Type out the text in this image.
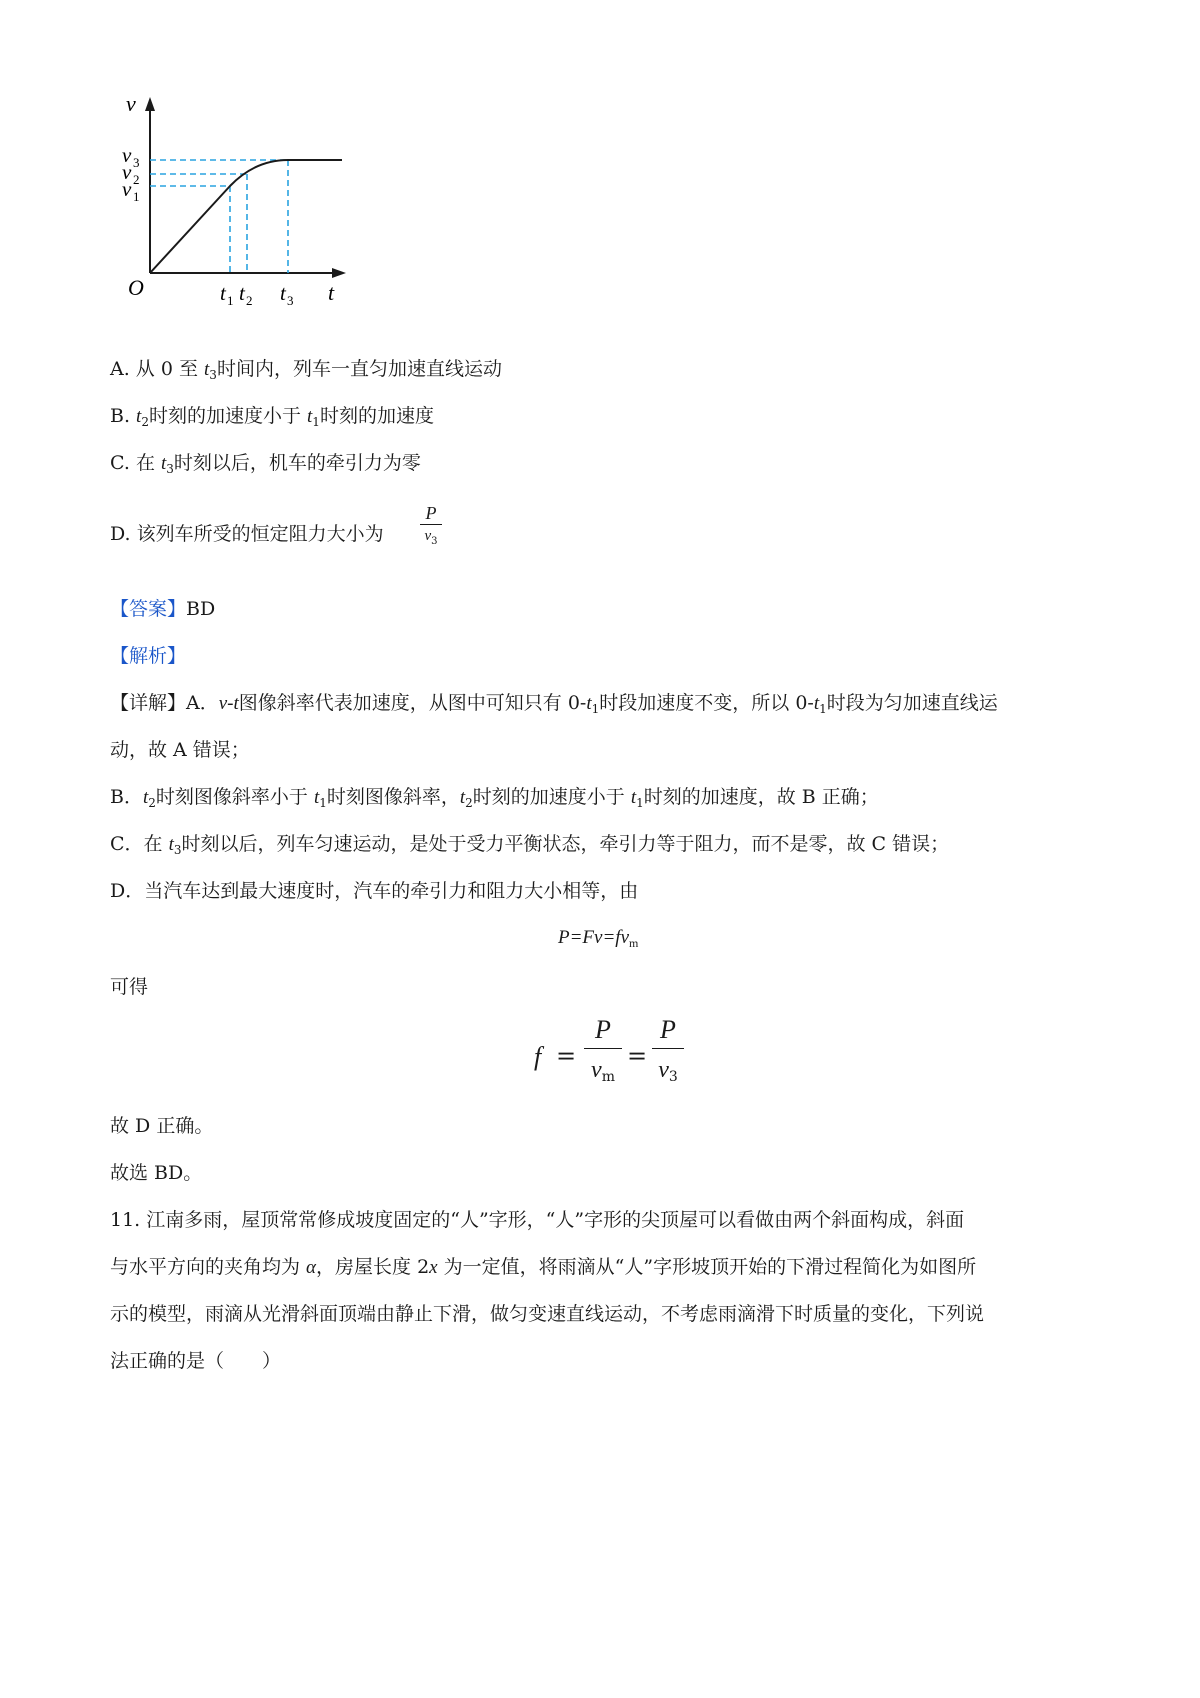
v
t
O
v 3
v 2
v 1
t 1 t 2 t 3
A. 从 0 至 $t_3$时间内，列车一直匀加速直线运动
B. $t_2$时刻的加速度小于 $t_1$时刻的加速度
C. 在 $t_3$时刻以后，机车的牵引力为零
D. 该列车所受的恒定阻力大小为
P
$v_3$
【答案】BD
【解析】
【详解】A．v-t图像斜率代表加速度，从图中可知只有 $0-t_1$时段加速度不变，所以 $0-t_1$时段为匀加速直线运
动，故 A 错误；
B．$t_2$时刻图像斜率小于 $t_1$时刻图像斜率，$t_2$时刻的加速度小于 $t_1$时刻的加速度，故 B 正确；
C．在 $t_3$时刻以后，列车匀速运动，是处于受力平衡状态，牵引力等于阻力，而不是零，故 C 错误；
D．当汽车达到最大速度时，汽车的牵引力和阻力大小相等，由
$P=Fv=fv_m$
可得
f =
P
$v_m$
=
P
$v_3$
故 D 正确。
故选 BD。
11. 江南多雨，屋顶常常修成坡度固定的“人”字形，“人”字形的尖顶屋可以看做由两个斜面构成，斜面
与水平方向的夹角均为 α，房屋长度 2x 为一定值，将雨滴从“人”字形坡顶开始的下滑过程简化为如图所
示的模型，雨滴从光滑斜面顶端由静止下滑，做匀变速直线运动，不考虑雨滴滑下时质量的变化，下列说
法正确的是（　　）
